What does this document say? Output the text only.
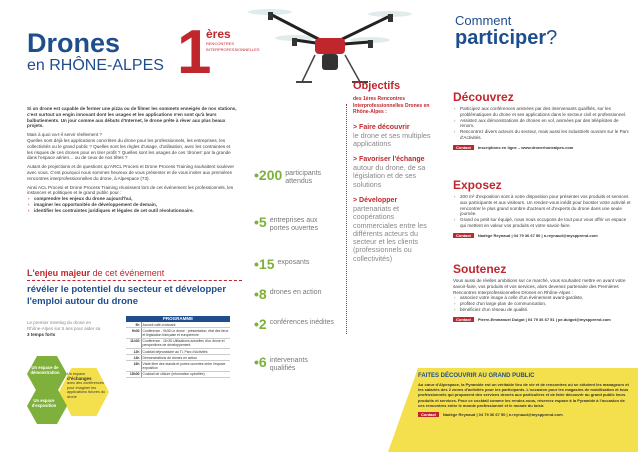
Drones
en RHÔNE-ALPES 1
ères
RENCONTRES INTERPROFESSIONNELLES

Si un drone est capable de fermer une pizza ou de filmer les sommets enneigés de nos stations, c'est surtout un engin innovant dont les usages et les applications n'en sont qu'à leurs balbutiements. Un jour comme aux débuts d'Internet, le drone prête à rêver aux plus beaux projets.

Mais à quoi va-t-il servir réellement ?

Quelles sont déjà les applications concrètes du drone pour les professionnels, les entreprises, les collectivités ou le grand public ? Quelles sont les règles d'usage, d'utilisation, avec les contraintes et les risques de ces drones pour en tirer profit ? Quelles sont les usages de ces 'drones' par la grande dans l'espace aérien… ou de ceux de nos têtes ?

Autant de projections et de questions qu'ARCL Procesi et Drone Process Training souhaitent soulever avec vous. C'est pourquoi nous sommes heureux de vous présenter et de vous inviter aux premières rencontres interprofessionnelles du drone, à Alpespace (73).

Ainsi ACL Procesi et Drone Process Training réunissent lors de cet événement les professionnels, les instances et politiques et le grand public pour :

› comprendre les enjeux du drone aujourd'hui,
› imaginer les opportunités de développement de demain,
› identifier les contraintes juridiques et légales de cet outil révolutionnaire.
L'enjeu majeur de cet événement
révéler le potentiel du secteur et développer l'emploi autour du drone
Le premier meeting du drone en Rhône-Alpes sur 5 ans pour aider sa 3 temps forts
Un espace de démonstration	Un espace
d'échanges
avec des conférences pour imaginer les applications futures du drone
Un espace d'exposition
PROGRAMME
9h	Accueil café-croissant
9h30	Conférence - 9h30 Le drone : présentation, état des lieux et législation française et européenne
11h30	Conférence - 11h30 Utilisations actuelles d'un drone et perspectives de développement
12h	Cocktail déjeunatoire au Ti- Parc d'Activités
14h	Démonstrations de drones en action
16h	Visite libre des stands et portes ouvertes entre l'espace exposition
18h00	Cocktail de clôture (information spécifiée)
•200 participants attendus
•5 entreprises aux portes ouvertes
•15 exposants
•8 drones en action
•2 conférences inédites
•6 intervenants qualifiés
Objectifs
des 1ères Rencontres Interprofessionnelles Drones en Rhône-Alpes :
> Faire découvrir
le drone et ses multiples applications
> Favoriser l'échange
autour du drone, de sa législation et de ses solutions
> Développer
partenariats et coopérations commerciales entre les différents acteurs du secteur et les clients (professionnels ou collectivités)
Comment
participer?
Découvrez
› Participez aux conférences animées par des intervenants qualifiés, sur les problématiques du drone et ses applications dans le secteur civil et professionnel.
› Assistez aux démonstrations de drones en vol, animées par des télépilotes de renom.
› Rencontrez divers acteurs du secteur, mais aussi les industriels ouvrant sur le Parc d'Activités.
Contact Inscriptions en ligne – www.dronerhonealpes.com
Exposez
› 200 m² d'exposition sont à votre disposition pour présenter vos produits et services aux participants et aux visiteurs. Un rendez-vous inédit pour booster votre activité et rencontrer le plus grand nombre d'acteurs et d'experts du drone dans une seule journée.
› Grand ou petit sur équipé, nous nous occupons de tout pour vous offrir un espace qui mettent en valeur vos produits et votre savoir-faire.
Contact Nadège Reynaud | 04 79 36 67 50 | n.reynaud@myspprend.com
Soutenez

Vous aussi de réelles ambitions sur ce marché, vous souhaitez mettre en avant votre savoir-faire, vos produits et vos services, alors devenez partenaire des Premières Rencontres Interprofessionnelles Drones en Rhône-Alpes :

› associez votre image à celle d'un événement avant-gardiste,
› profitez d'un large plan de communication,
› bénéficiez d'un réseau de qualité.
Contact Pierre-Emmanuel Duigot | 04 79 36 67 51 | pe.duigot@myspprend.com
FAITES DÉCOUVRIR AU GRAND PUBLIC

Au cœur d'Alpespace, la Pyramide est un véritable lieu de vie et de rencontres où se côtoient les manageurs et les salariés des 2 zones d'activités pour les participants. L'occasion pour les magasins de mobilisation et tous professionnels qui proposent des services dronés aux particuliers et de faire découvrir au grand public leurs produits et services. Pour ce cocktail comme les rendez-vous, réservez espace à la Pyramide à l'occasion de ces rencontres entre le monde professionnel et le monde du loisir.

Contact Nadège Reynaud | 04 79 36 67 50 | n.reynaud@myspprend.com
